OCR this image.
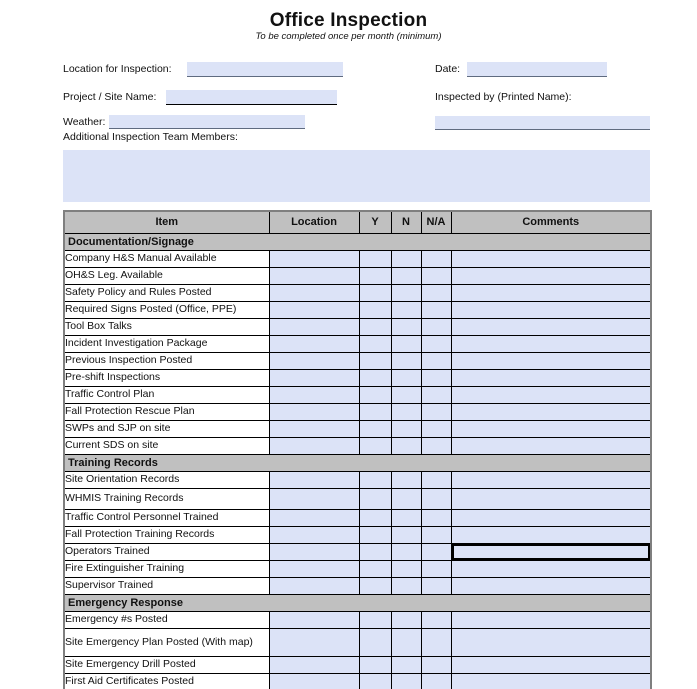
Office Inspection
To be completed once per month (minimum)
Location for Inspection:	Date:
Project / Site Name:	Inspected by (Printed Name):
Weather:
Additional Inspection Team Members:
Item	Location	Y	N	N/A	Comments
Documentation/Signage					
Company H&S Manual Available					
OH&S Leg. Available					
Safety Policy and Rules Posted					
Required Signs Posted (Office, PPE)					
Tool Box Talks					
Incident Investigation Package					
Previous Inspection Posted					
Pre-shift Inspections					
Traffic Control Plan					
Fall Protection Rescue Plan					
SWPs and SJP on site					
Current SDS on site					
Training Records					
Site Orientation Records					
WHMIS Training Records					
Traffic Control Personnel Trained					
Fall Protection Training Records					
Operators Trained					
Fire Extinguisher Training					
Supervisor Trained					
Emergency Response					
Emergency #s Posted					
Site Emergency Plan Posted (With map)					
Site Emergency Drill Posted					
First Aid Certificates Posted					
